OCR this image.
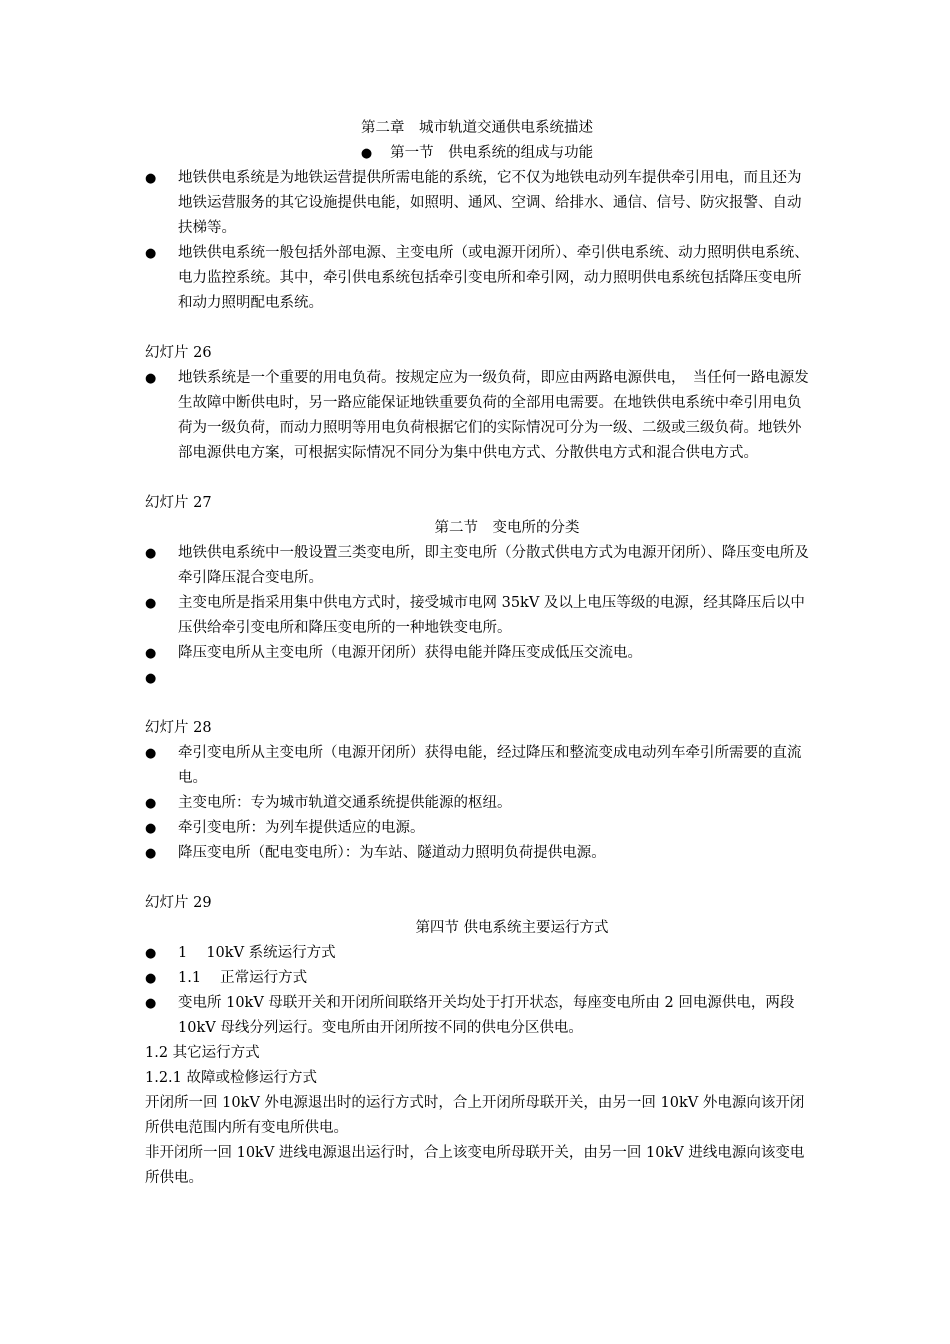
第二章　城市轨道交通供电系统描述
● 第一节　供电系统的组成与功能
● 地铁供电系统是为地铁运营提供所需电能的系统，它不仅为地铁电动列车提供牵引用电，而且还为地铁运营服务的其它设施提供电能，如照明、通风、空调、给排水、通信、信号、防灾报警、自动扶梯等。
● 地铁供电系统一般包括外部电源、主变电所（或电源开闭所）、牵引供电系统、动力照明供电系统、电力监控系统。其中，牵引供电系统包括牵引变电所和牵引网，动力照明供电系统包括降压变电所和动力照明配电系统。
幻灯片 26
● 地铁系统是一个重要的用电负荷。按规定应为一级负荷，即应由两路电源供电，　当任何一路电源发生故障中断供电时，另一路应能保证地铁重要负荷的全部用电需要。在地铁供电系统中牵引用电负荷为一级负荷，而动力照明等用电负荷根据它们的实际情况可分为一级、二级或三级负荷。地铁外部电源供电方案，可根据实际情况不同分为集中供电方式、分散供电方式和混合供电方式。
幻灯片 27
第二节　变电所的分类
● 地铁供电系统中一般设置三类变电所，即主变电所（分散式供电方式为电源开闭所）、降压变电所及牵引降压混合变电所。
● 主变电所是指采用集中供电方式时，接受城市电网 35kV 及以上电压等级的电源，经其降压后以中压供给牵引变电所和降压变电所的一种地铁变电所。
● 降压变电所从主变电所（电源开闭所）获得电能并降压变成低压交流电。
●
幻灯片 28
● 牵引变电所从主变电所（电源开闭所）获得电能，经过降压和整流变成电动列车牵引所需要的直流电。
● 主变电所：专为城市轨道交通系统提供能源的枢纽。
● 牵引变电所：为列车提供适应的电源。
● 降压变电所（配电变电所）：为车站、隧道动力照明负荷提供电源。
幻灯片 29
第四节 供电系统主要运行方式
● 1　 10kV 系统运行方式
● 1.1　 正常运行方式
● 变电所 10kV 母联开关和开闭所间联络开关均处于打开状态，每座变电所由 2 回电源供电，两段 10kV 母线分列运行。变电所由开闭所按不同的供电分区供电。
1.2 其它运行方式
1.2.1 故障或检修运行方式
开闭所一回 10kV 外电源退出时的运行方式时，合上开闭所母联开关，由另一回 10kV 外电源向该开闭所供电范围内所有变电所供电。
非开闭所一回 10kV 进线电源退出运行时，合上该变电所母联开关，由另一回 10kV 进线电源向该变电所供电。
